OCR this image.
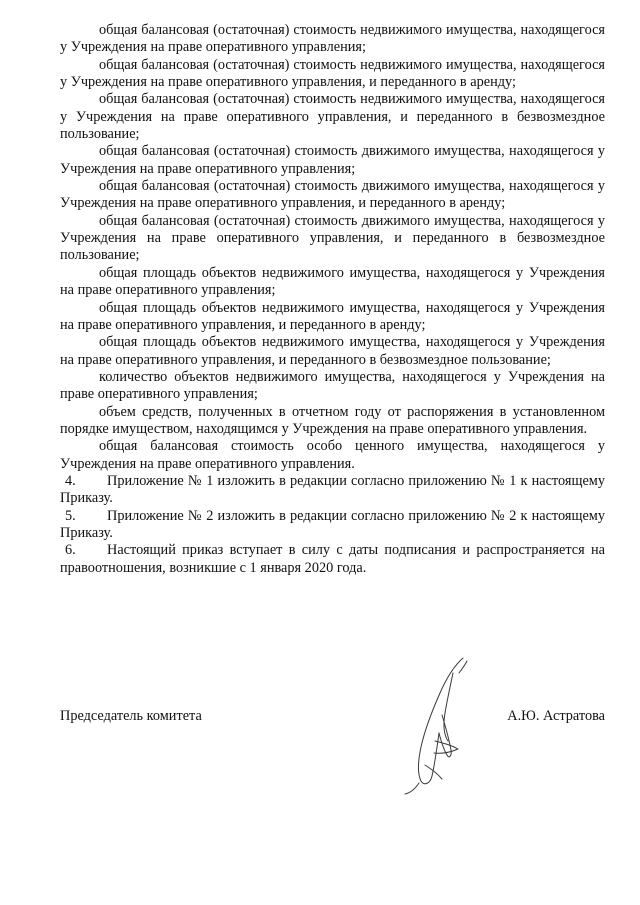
общая балансовая (остаточная) стоимость недвижимого имущества, находящегося у Учреждения на праве оперативного управления;

общая балансовая (остаточная) стоимость недвижимого имущества, находящегося у Учреждения на праве оперативного управления, и переданного в аренду;

общая балансовая (остаточная) стоимость недвижимого имущества, находящегося у Учреждения на праве оперативного управления, и переданного в безвозмездное пользование;

общая балансовая (остаточная) стоимость движимого имущества, находящегося у Учреждения на праве оперативного управления;

общая балансовая (остаточная) стоимость движимого имущества, находящегося у Учреждения на праве оперативного управления, и переданного в аренду;

общая балансовая (остаточная) стоимость движимого имущества, находящегося у Учреждения на праве оперативного управления, и переданного в безвозмездное пользование;

общая площадь объектов недвижимого имущества, находящегося у Учреждения на праве оперативного управления;

общая площадь объектов недвижимого имущества, находящегося у Учреждения на праве оперативного управления, и переданного в аренду;

общая площадь объектов недвижимого имущества, находящегося у Учреждения на праве оперативного управления, и переданного в безвозмездное пользование;

количество объектов недвижимого имущества, находящегося у Учреждения на праве оперативного управления;

объем средств, полученных в отчетном году от распоряжения в установленном порядке имуществом, находящимся у Учреждения на праве оперативного управления.

общая балансовая стоимость особо ценного имущества, находящегося у Учреждения на праве оперативного управления.

4. Приложение № 1 изложить в редакции согласно приложению № 1 к настоящему Приказу.

5. Приложение № 2 изложить в редакции согласно приложению № 2 к настоящему Приказу.

6. Настоящий приказ вступает в силу с даты подписания и распространяется на правоотношения, возникшие с 1 января 2020 года.

Председатель комитета	А.Ю. Астратова
